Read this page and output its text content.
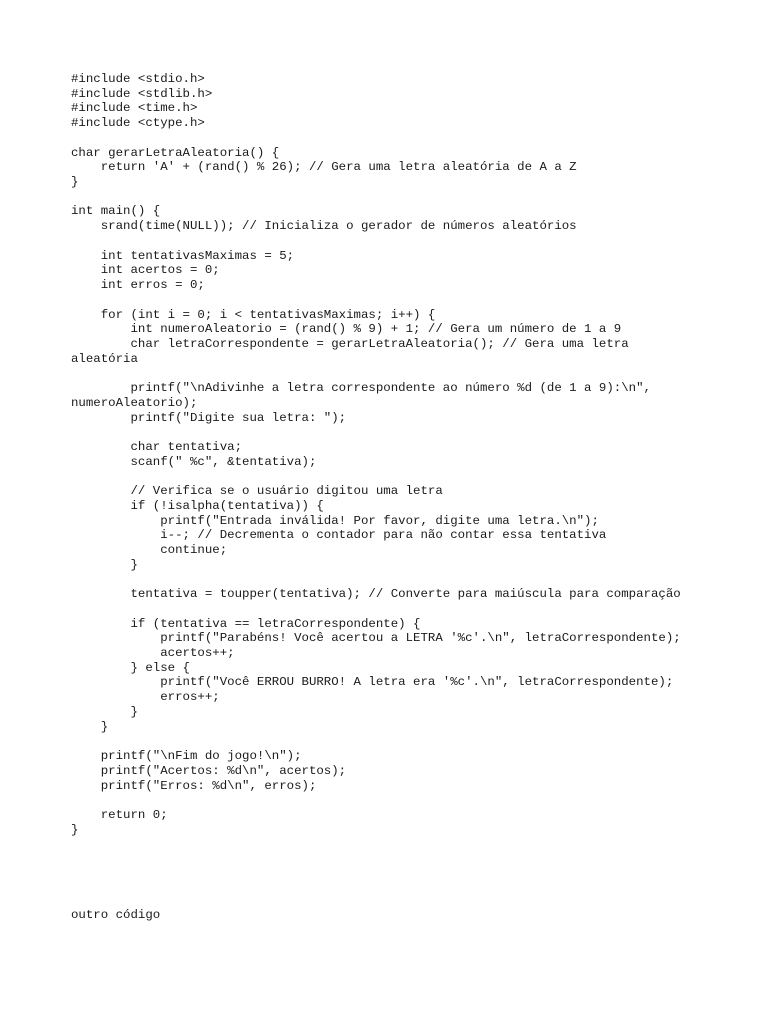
#include <stdio.h>
#include <stdlib.h>
#include <time.h>
#include <ctype.h>
char gerarLetraAleatoria() {
return 'A' + (rand() % 26); // Gera uma letra aleatória de A a Z
}
int main() {
srand(time(NULL)); // Inicializa o gerador de números aleatórios
int tentativasMaximas = 5;
int acertos = 0;
int erros = 0;
for (int i = 0; i < tentativasMaximas; i++) {
int numeroAleatorio = (rand() % 9) + 1; // Gera um número de 1 a 9
char letraCorrespondente = gerarLetraAleatoria(); // Gera uma letra
aleatória
printf("\nAdivinhe a letra correspondente ao número %d (de 1 a 9):\n",
numeroAleatorio);
printf("Digite sua letra: ");
char tentativa;
scanf(" %c", &tentativa);
// Verifica se o usuário digitou uma letra
if (!isalpha(tentativa)) {
printf("Entrada inválida! Por favor, digite uma letra.\n");
i--; // Decrementa o contador para não contar essa tentativa
continue;
}
tentativa = toupper(tentativa); // Converte para maiúscula para comparação
if (tentativa == letraCorrespondente) {
printf("Parabéns! Você acertou a LETRA '%c'.\n", letraCorrespondente);
acertos++;
} else {
printf("Você ERROU BURRO! A letra era '%c'.\n", letraCorrespondente);
erros++;
}
}
printf("\nFim do jogo!\n");
printf("Acertos: %d\n", acertos);
printf("Erros: %d\n", erros);
return 0;
}
outro código
